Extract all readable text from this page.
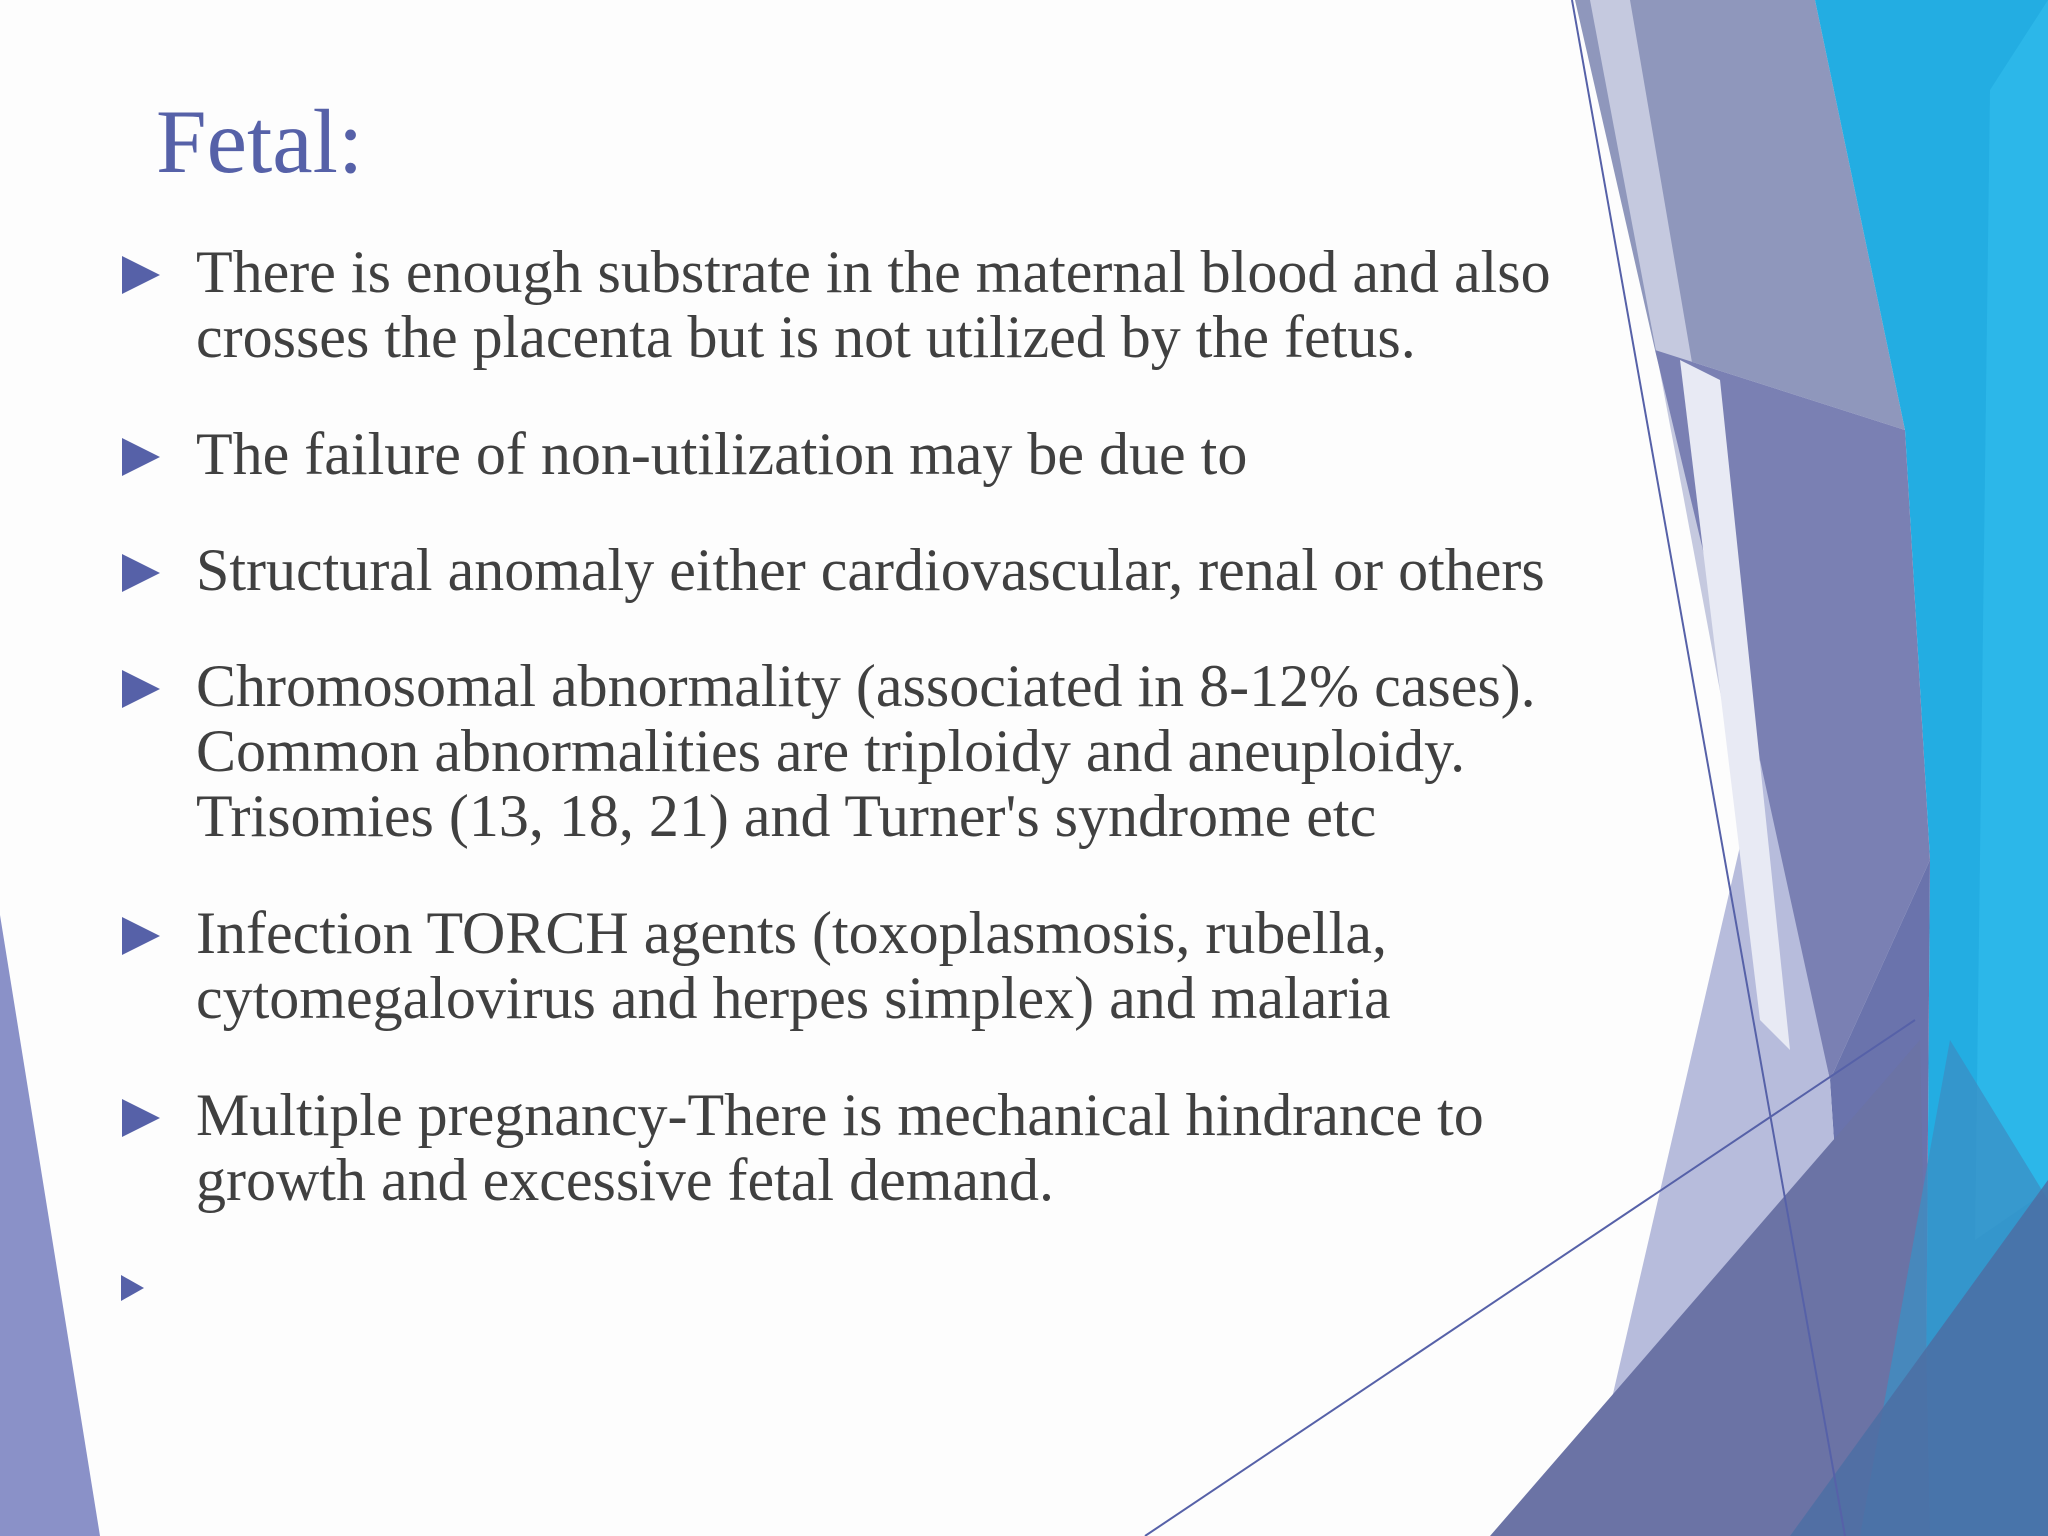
Fetal:
There is enough substrate in the maternal blood and also
crosses the placenta but is not utilized by the fetus.
The failure of non-utilization may be due to
Structural anomaly either cardiovascular, renal or others
Chromosomal abnormality (associated in 8-12% cases).
Common abnormalities are triploidy and aneuploidy.
Trisomies (13, 18, 21) and Turner's syndrome etc
Infection TORCH agents (toxoplasmosis, rubella,
cytomegalovirus and herpes simplex) and malaria
Multiple pregnancy-There is mechanical hindrance to
growth and excessive fetal demand.
